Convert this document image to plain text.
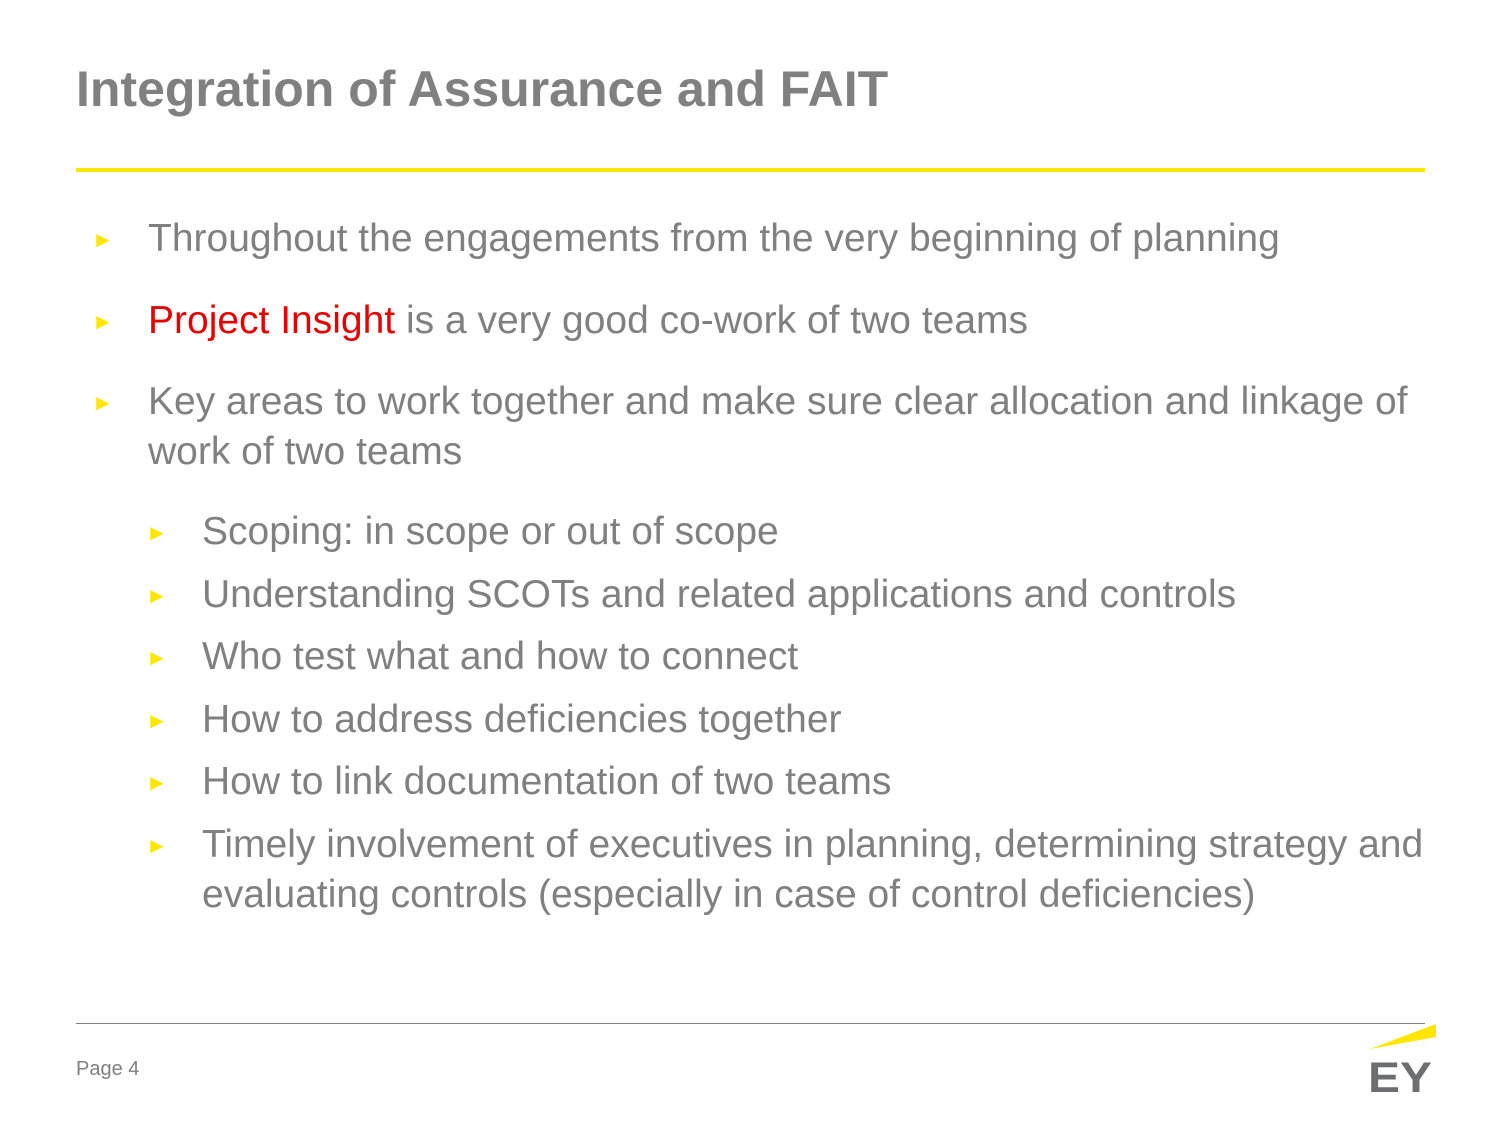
Integration of Assurance and FAIT
► Throughout the engagements from the very beginning of planning
► Project Insight is a very good co-work of two teams
► Key areas to work together and make sure clear allocation and linkage of work of two teams
► Scoping: in scope or out of scope
► Understanding SCOTs and related applications and controls
► Who test what and how to connect
► How to address deficiencies together
► How to link documentation of two teams
► Timely involvement of executives in planning, determining strategy and evaluating controls (especially in case of control deficiencies)
Page 4	EY
